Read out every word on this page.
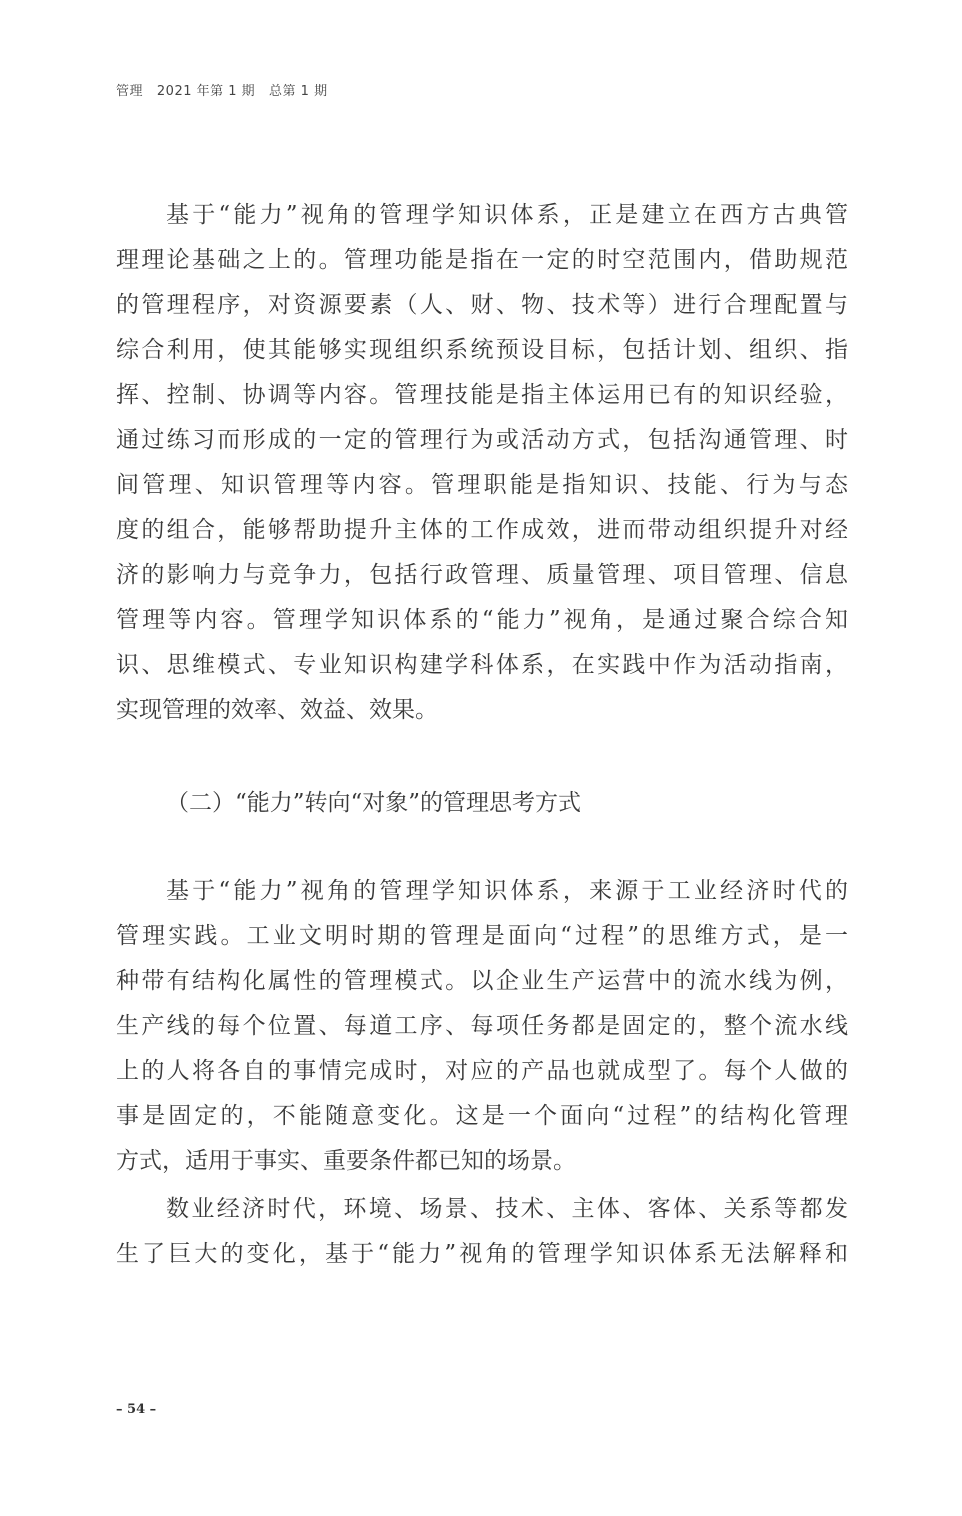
管理   2021 年第 1 期   总第 1 期
基于“能力”视角的管理学知识体系，正是建立在西方古典管
理理论基础之上的。管理功能是指在一定的时空范围内，借助规范
的管理程序，对资源要素（人、财、物、技术等）进行合理配置与
综合利用，使其能够实现组织系统预设目标，包括计划、组织、指
挥、控制、协调等内容。管理技能是指主体运用已有的知识经验，
通过练习而形成的一定的管理行为或活动方式，包括沟通管理、时
间管理、知识管理等内容。管理职能是指知识、技能、行为与态
度的组合，能够帮助提升主体的工作成效，进而带动组织提升对经
济的影响力与竞争力，包括行政管理、质量管理、项目管理、信息
管理等内容。管理学知识体系的“能力”视角，是通过聚合综合知
识、思维模式、专业知识构建学科体系，在实践中作为活动指南，
实现管理的效率、效益、效果。
（二）“能力”转向“对象”的管理思考方式
基于“能力”视角的管理学知识体系，来源于工业经济时代的
管理实践。工业文明时期的管理是面向“过程”的思维方式，是一
种带有结构化属性的管理模式。以企业生产运营中的流水线为例，
生产线的每个位置、每道工序、每项任务都是固定的，整个流水线
上的人将各自的事情完成时，对应的产品也就成型了。每个人做的
事是固定的，不能随意变化。这是一个面向“过程”的结构化管理
方式，适用于事实、重要条件都已知的场景。
数业经济时代，环境、场景、技术、主体、客体、关系等都发
生了巨大的变化，基于“能力”视角的管理学知识体系无法解释和
– 54 –
